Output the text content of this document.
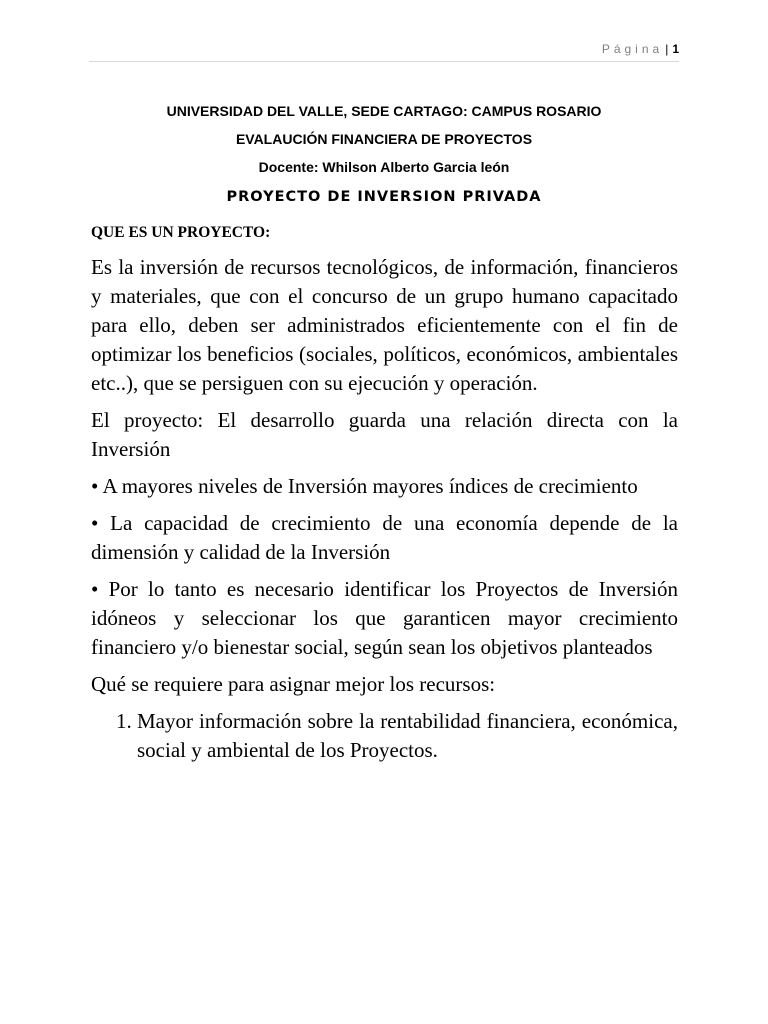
Página | 1
UNIVERSIDAD DEL VALLE, SEDE CARTAGO: CAMPUS ROSARIO
EVALAUCIÓN FINANCIERA DE PROYECTOS
Docente: Whilson Alberto Garcia león
PROYECTO DE INVERSION PRIVADA
QUE ES UN PROYECTO:

Es la inversión de recursos tecnológicos, de información, financieros y materiales, que con el concurso de un grupo humano capacitado para ello, deben ser administrados eficientemente con el fin de optimizar los beneficios (sociales, políticos, económicos, ambientales etc..), que se persiguen con su ejecución y operación.

El proyecto: El desarrollo guarda una relación directa con la Inversión

• A mayores niveles de Inversión mayores índices de crecimiento

• La capacidad de crecimiento de una economía depende de la dimensión y calidad de la Inversión

• Por lo tanto es necesario identificar los Proyectos de Inversión idóneos y seleccionar los que garanticen mayor crecimiento financiero y/o bienestar social, según sean los objetivos planteados

Qué se requiere para asignar mejor los recursos:

1. Mayor información sobre la rentabilidad financiera, económica, social y ambiental de los Proyectos.
